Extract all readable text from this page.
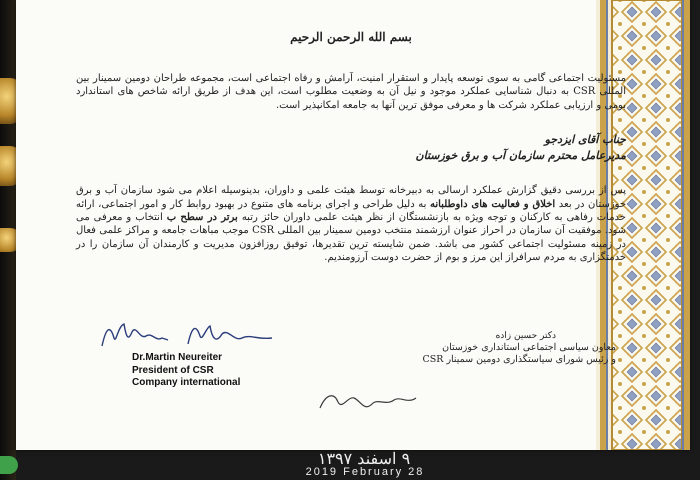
بسم الله الرحمن الرحیم

مسئولیت اجتماعی گامی به سوی توسعه پایدار و استقرار امنیت، آرامش و رفاه اجتماعی است، مجموعه طراحان دومین سمینار بین المللی CSR به دنبال شناسایی عملکرد موجود و نیل آن به وضعیت مطلوب است، این هدف از طریق ارائه شاخص های استاندارد بومی و ارزیابی عملکرد شرکت ها و معرفی موفق ترین آنها به جامعه امکانپذیر است.

جناب آقای ایزدجو
مدیرعامل محترم سازمان آب و برق خوزستان

پس از بررسی دقیق گزارش عملکرد ارسالی به دبیرخانه توسط هیئت علمی و داوران، بدینوسیله اعلام می شود سازمان آب و برق خوزستان در بعد اخلاق و فعالیت های داوطلبانه به دلیل طراحی و اجرای برنامه های متنوع در بهبود روابط کار و امور اجتماعی، ارائه خدمات رفاهی به کارکنان و توجه ویژه به بازنشستگان از نظر هیئت علمی داوران حائز رتبه برتر در سطح ب انتخاب و معرفی می شود. موفقیت آن سازمان در احراز عنوان ارزشمند منتخب دومین سمینار بین المللی CSR موجب مباهات جامعه و مراکز علمی فعال در زمینه مسئولیت اجتماعی کشور می باشد. ضمن شایسته ترین تقدیرها، توفیق روزافزون مدیریت و کارمندان آن سازمان را در خدمتگزاری به مردم سرافراز این مرز و بوم از حضرت دوست آرزومندیم.

Dr.Martin Neureiter
President of CSR
Company international
دکتر حسین زاده
معاون سیاسی اجتماعی استانداری خوزستان
و رئیس شورای سیاستگذاری دومین سمینار CSR
۹ اسفند ۱۳۹۷
2019 February 28
